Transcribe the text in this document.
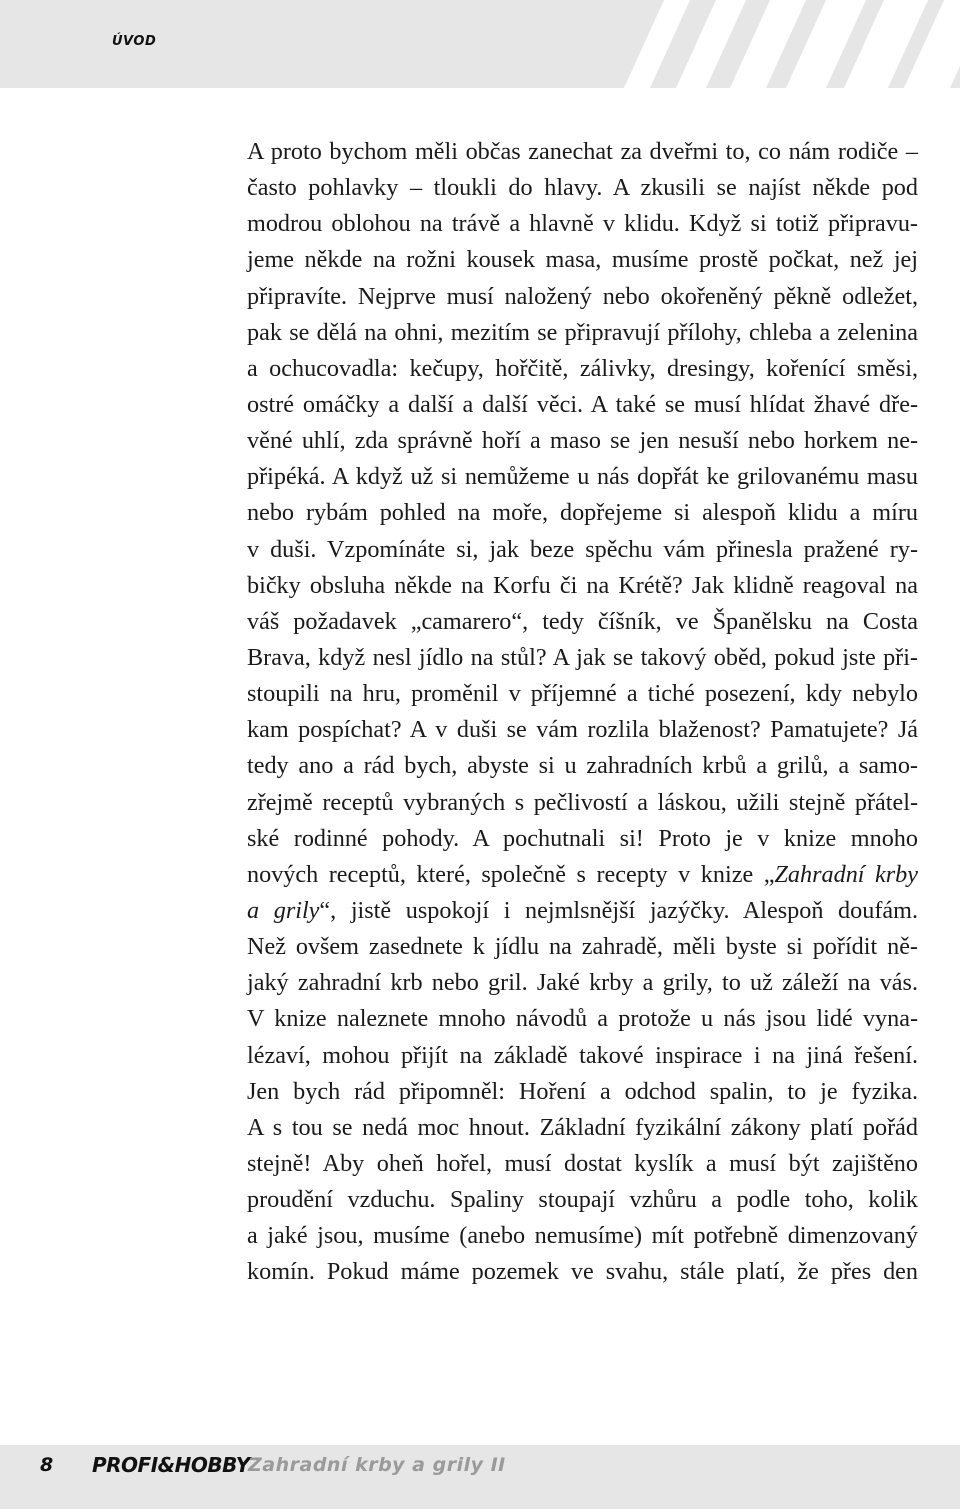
ÚVOD
A proto bychom měli občas zanechat za dveřmi to, co nám rodiče –
často pohlavky – tloukli do hlavy. A zkusili se najíst někde pod
modrou oblohou na trávě a hlavně v klidu. Když si totiž připravu-
jeme někde na rožni kousek masa, musíme prostě počkat, než jej
připravíte. Nejprve musí naložený nebo okořeněný pěkně odležet,
pak se dělá na ohni, mezitím se připravují přílohy, chleba a zelenina
a ochucovadla: kečupy, hořčitě, zálivky, dresingy, kořenící směsi,
ostré omáčky a další a další věci. A také se musí hlídat žhavé dře-
věné uhlí, zda správně hoří a maso se jen nesuší nebo horkem ne-
připéká. A když už si nemůžeme u nás dopřát ke grilovanému masu
nebo rybám pohled na moře, dopřejeme si alespoň klidu a míru
v duši. Vzpomínáte si, jak beze spěchu vám přinesla pražené ry-
bičky obsluha někde na Korfu či na Krétě? Jak klidně reagoval na
váš požadavek „camarero“, tedy číšník, ve Španělsku na Costa
Brava, když nesl jídlo na stůl? A jak se takový oběd, pokud jste při-
stoupili na hru, proměnil v příjemné a tiché posezení, kdy nebylo
kam pospíchat? A v duši se vám rozlila blaženost? Pamatujete? Já
tedy ano a rád bych, abyste si u zahradních krbů a grilů, a samo-
zřejmě receptů vybraných s pečlivostí a láskou, užili stejně přátel-
ské rodinné pohody. A pochutnali si! Proto je v knize mnoho
nových receptů, které, společně s recepty v knize „Zahradní krby
a grily“, jistě uspokojí i nejmlsnější jazýčky. Alespoň doufám.
Než ovšem zasednete k jídlu na zahradě, měli byste si pořídit ně-
jaký zahradní krb nebo gril. Jaké krby a grily, to už záleží na vás.
V knize naleznete mnoho návodů a protože u nás jsou lidé vyna-
lézaví, mohou přijít na základě takové inspirace i na jiná řešení.
Jen bych rád připomněl: Hoření a odchod spalin, to je fyzika.
A s tou se nedá moc hnout. Základní fyzikální zákony platí pořád
stejně! Aby oheň hořel, musí dostat kyslík a musí být zajištěno
proudění vzduchu. Spaliny stoupají vzhůru a podle toho, kolik
a jaké jsou, musíme (anebo nemusíme) mít potřebně dimenzovaný
komín. Pokud máme pozemek ve svahu, stále platí, že přes den
8 PROFI&HOBBY
Zahradní krby a grily II
